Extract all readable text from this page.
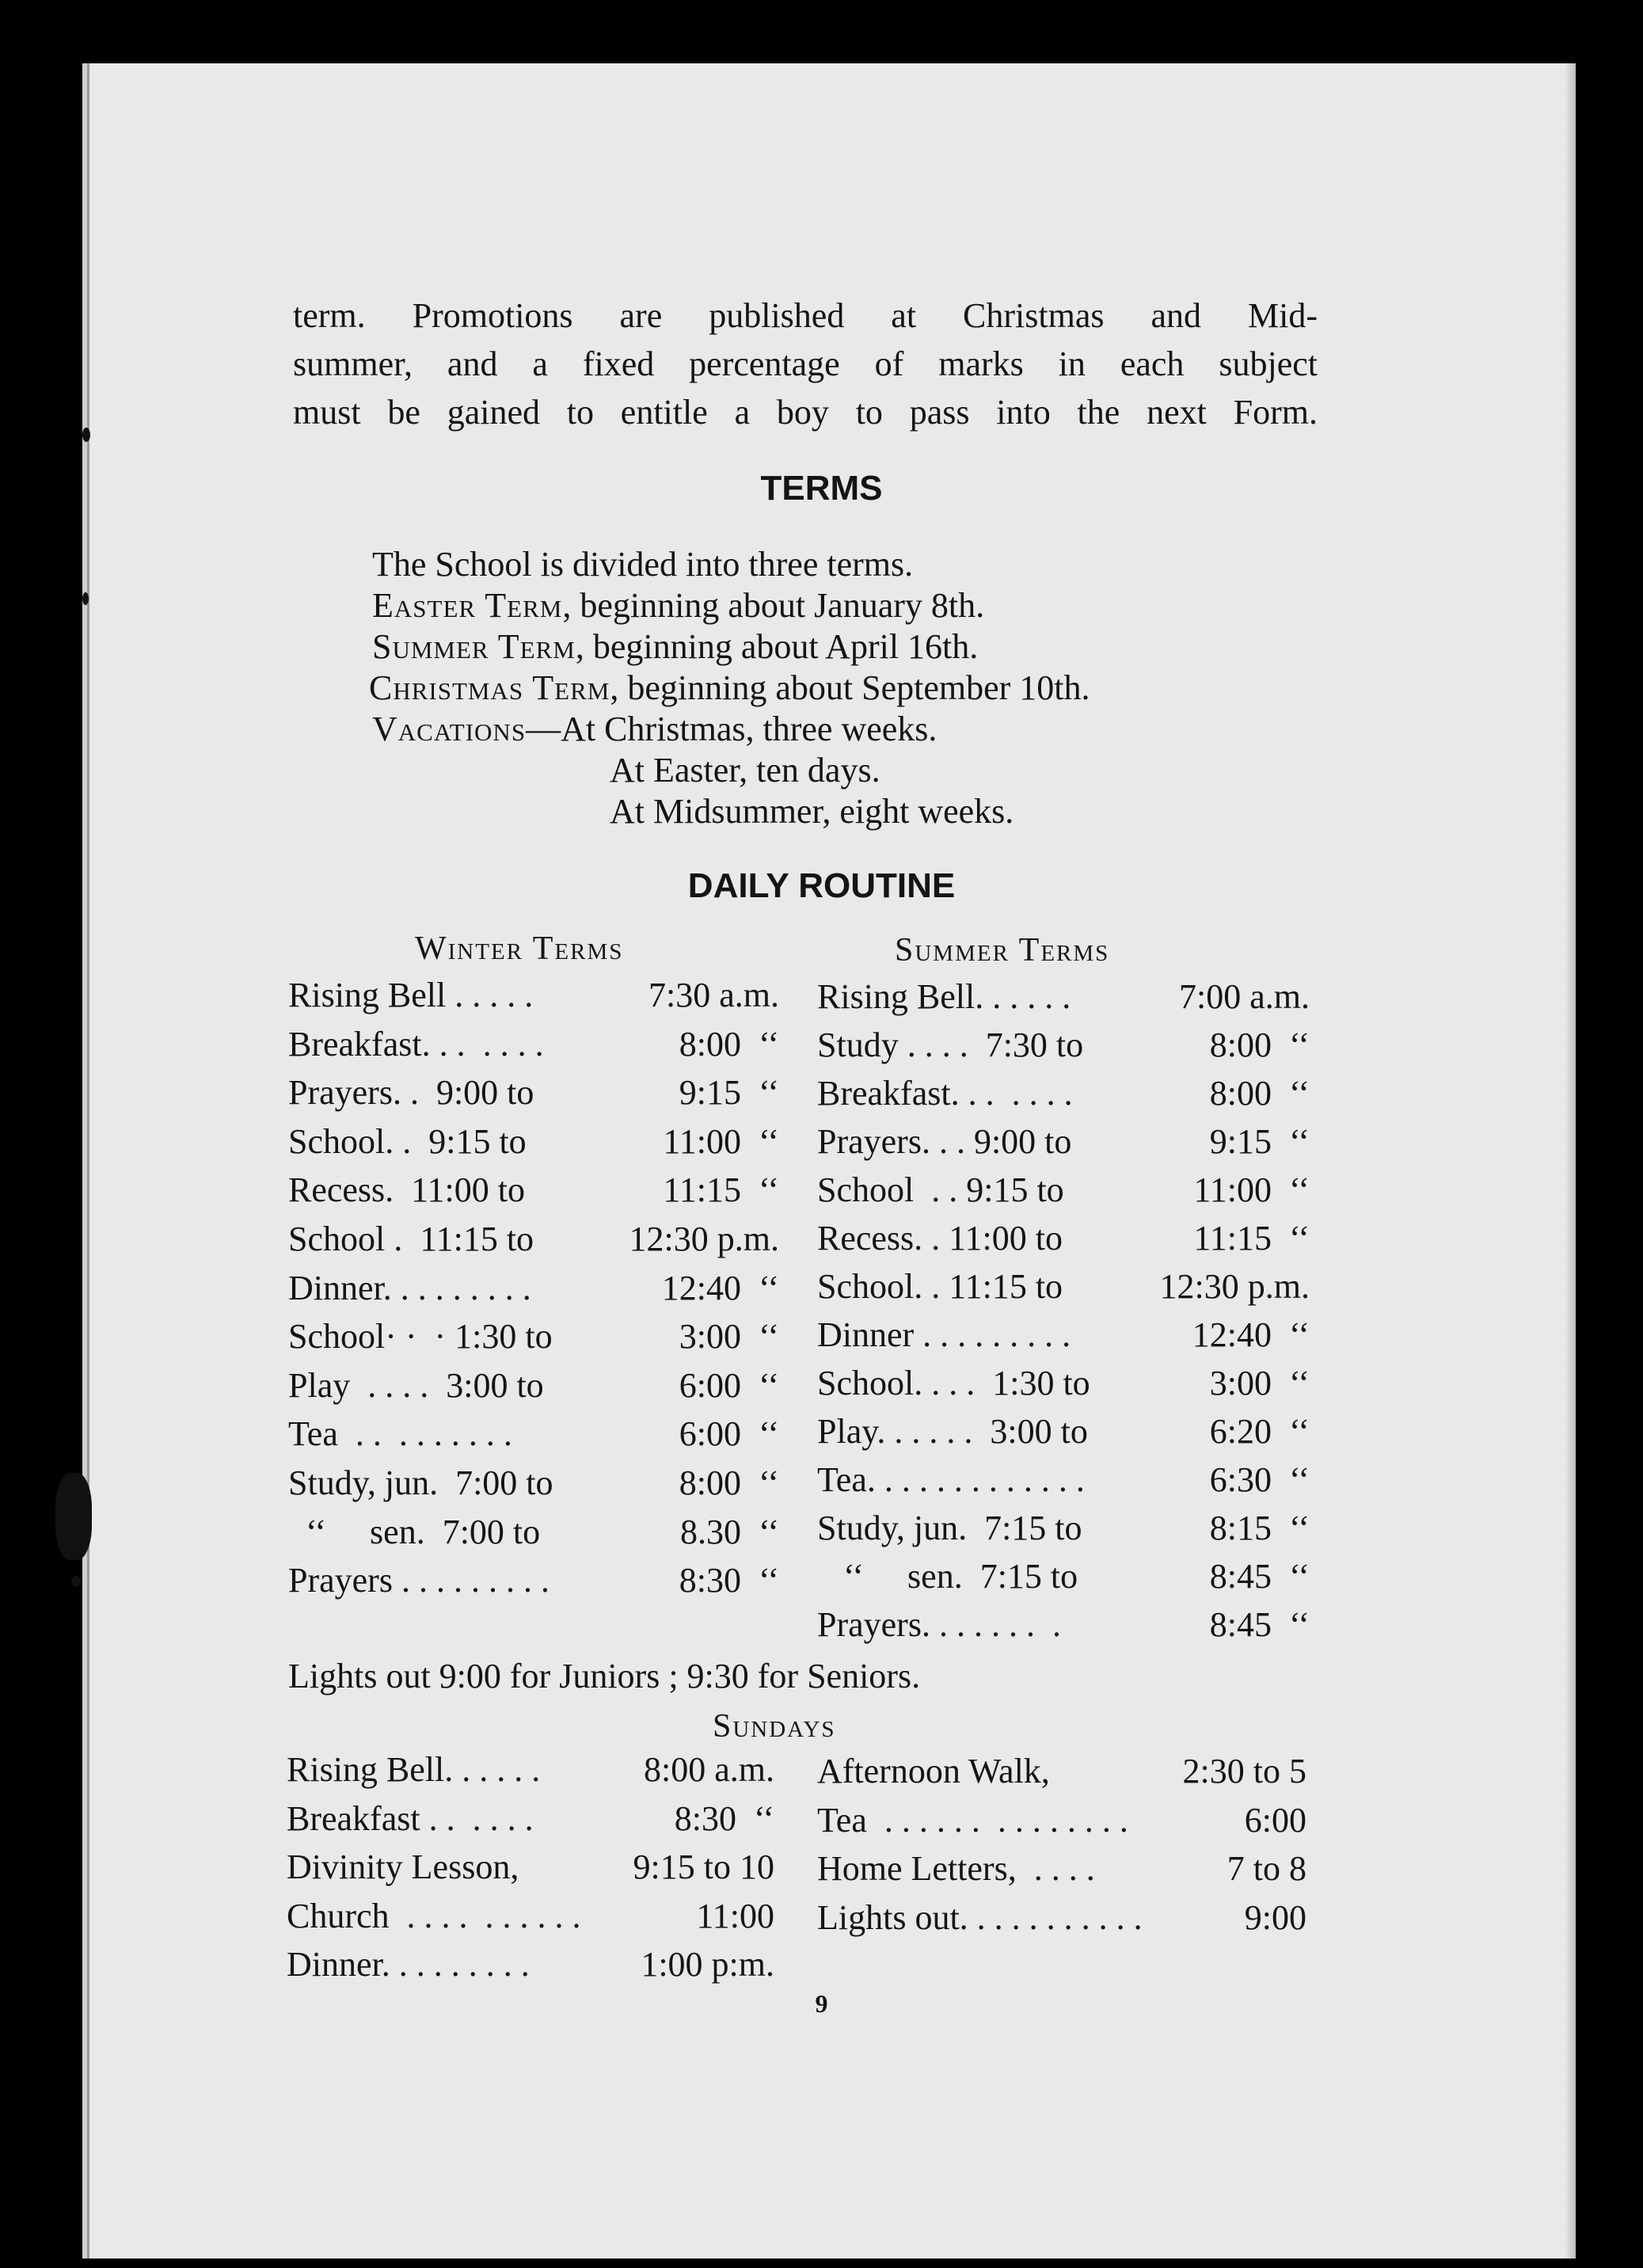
term. Promotions are published at Christmas and Mid-
summer, and a fixed percentage of marks in each subject
must be gained to entitle a boy to pass into the next Form.
TERMS
The School is divided into three terms.
Easter Term, beginning about January 8th.
Summer Term, beginning about April 16th.
Christmas Term, beginning about September 10th.
Vacations—At Christmas, three weeks.
At Easter, ten days.
At Midsummer, eight weeks.
DAILY ROUTINE
Winter Terms	Summer Terms
Rising Bell . . . . .	7:30 a.m.
Breakfast. . .  . . . .	8:00  ‘‘
Prayers. .  9:00 to	9:15  ‘‘
School. .  9:15 to	11:00  ‘‘
Recess.  11:00 to	11:15  ‘‘
School .  11:15 to	12:30 p.m.
Dinner. . . . . . . . .	12:40  ‘‘
School· ·  · 1:30 to	3:00  ‘‘
Play  . . . .  3:00 to	6:00  ‘‘
Tea  . .  . . . . . . .	6:00  ‘‘
Study, jun.  7:00 to	8:00  ‘‘
‘‘     sen.  7:00 to	8.30  ‘‘
Prayers . . . . . . . . .	8:30  ‘‘
Rising Bell. . . . . .	7:00 a.m.
Study . . . .  7:30 to	8:00  ‘‘
Breakfast. . .  . . . .	8:00  ‘‘
Prayers. . . 9:00 to	9:15  ‘‘
School  . . 9:15 to	11:00  ‘‘
Recess. . 11:00 to	11:15  ‘‘
School. . 11:15 to	12:30 p.m.
Dinner . . . . . . . . .	12:40  ‘‘
School. . . .  1:30 to	3:00  ‘‘
Play. . . . . .  3:00 to	6:20  ‘‘
Tea. . . . . . . . . . . . .	6:30  ‘‘
Study, jun.  7:15 to	8:15  ‘‘
‘‘     sen.  7:15 to	8:45  ‘‘
Prayers. . . . . . .  .	8:45  ‘‘
Lights out 9:00 for Juniors ; 9:30 for Seniors.
Sundays
Rising Bell. . . . . .	8:00 a.m.
Breakfast . .  . . . .	8:30  ‘‘
Divinity Lesson,	9:15 to 10
Church  . . . .  . . . . . .	11:00
Dinner. . . . . . . . .	1:00 p:m.
Afternoon Walk,	2:30 to 5
Tea  . . . . . .  . . . . . . . .	6:00
Home Letters,  . . . .	7 to 8
Lights out. . . . . . . . . . .	9:00
9
